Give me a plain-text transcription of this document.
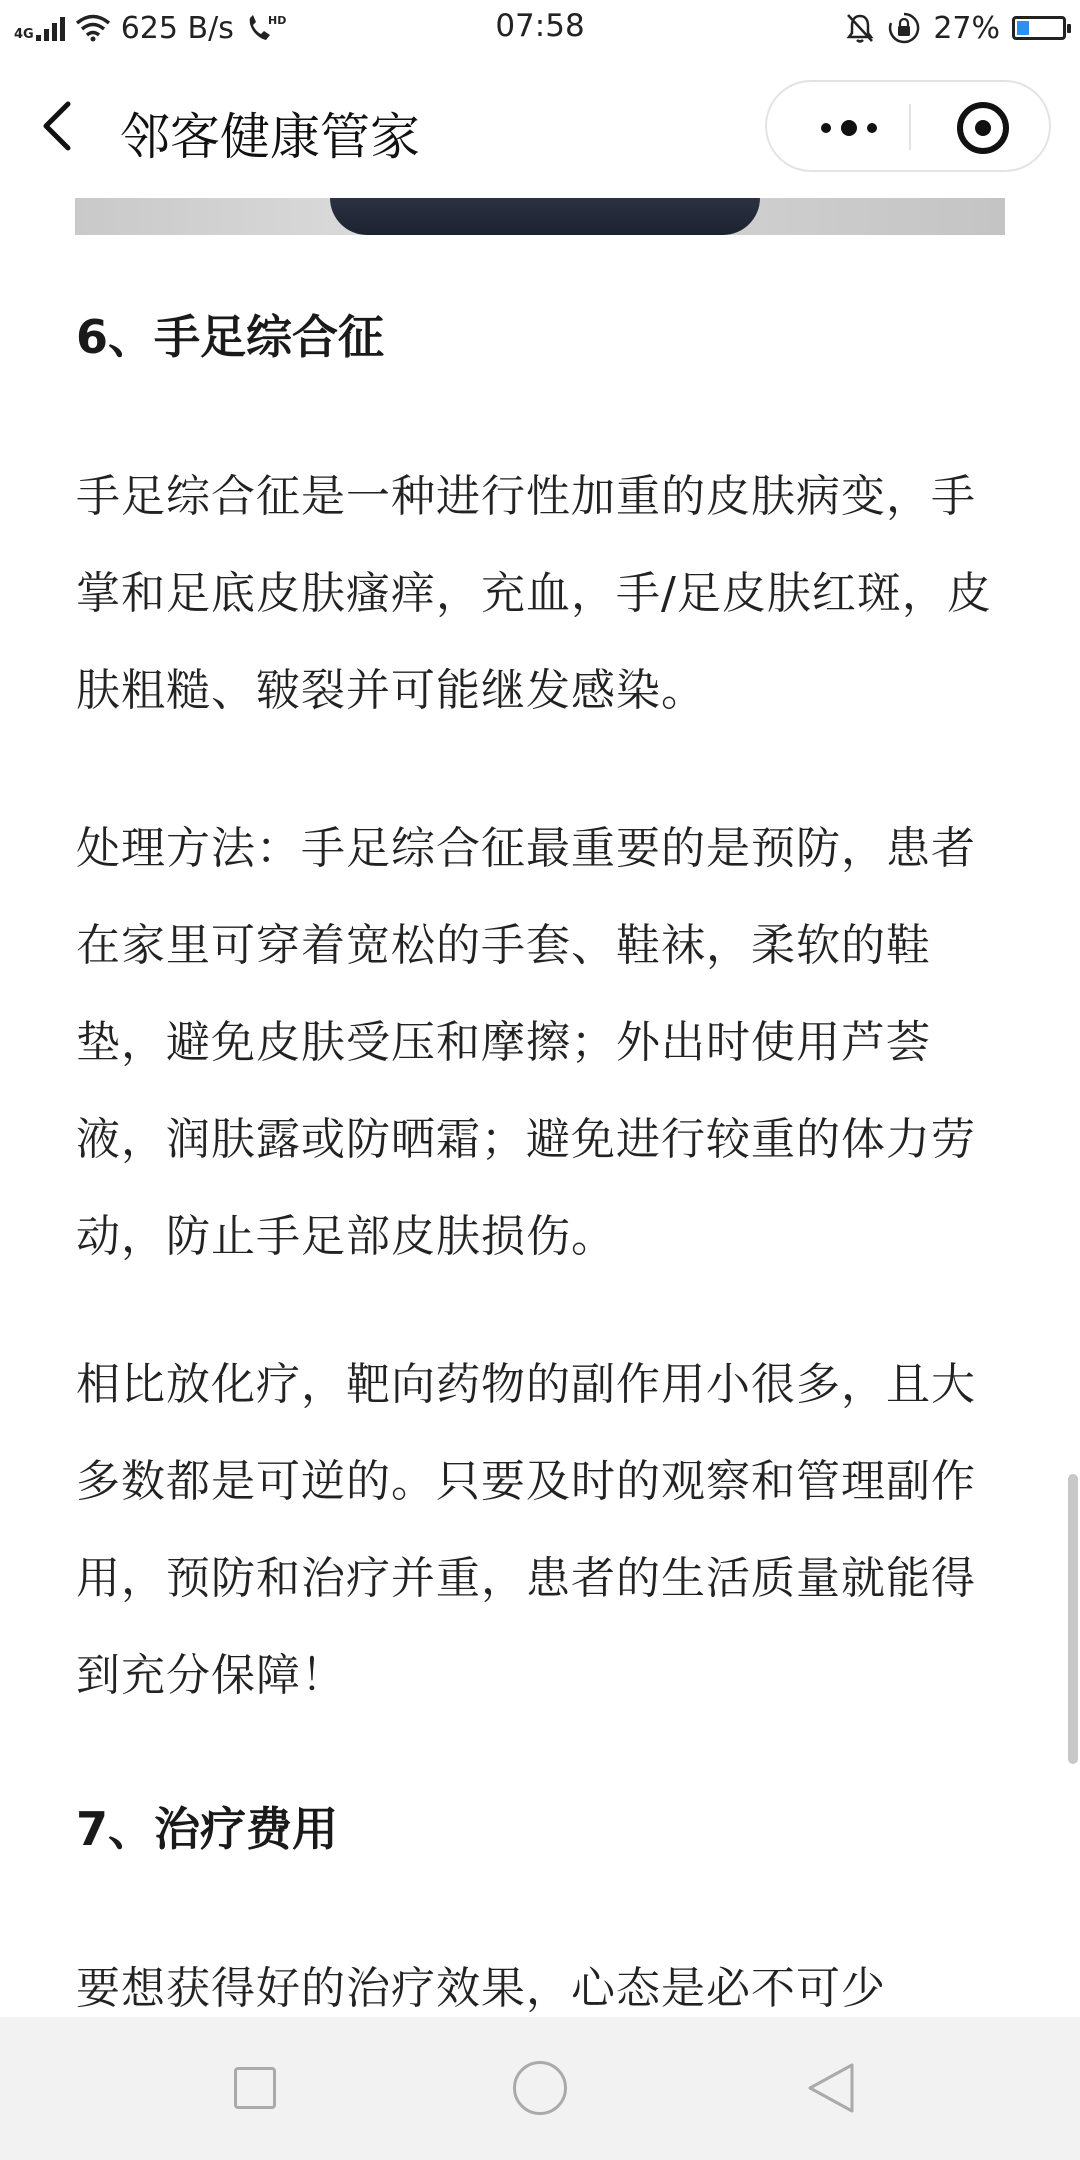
4G	625 B/s	HD	07:58	27%
邻客健康管家
6、手足综合征

手足综合征是一种进行性加重的皮肤病变，手掌和足底皮肤瘙痒，充血，手/足皮肤红斑，皮肤粗糙、皲裂并可能继发感染。

处理方法：手足综合征最重要的是预防，患者在家里可穿着宽松的手套、鞋袜，柔软的鞋垫，避免皮肤受压和摩擦；外出时使用芦荟液，润肤露或防晒霜；避免进行较重的体力劳动，防止手足部皮肤损伤。

相比放化疗，靶向药物的副作用小很多，且大多数都是可逆的。只要及时的观察和管理副作用，预防和治疗并重，患者的生活质量就能得到充分保障！

7、治疗费用

要想获得好的治疗效果，心态是必不可少
